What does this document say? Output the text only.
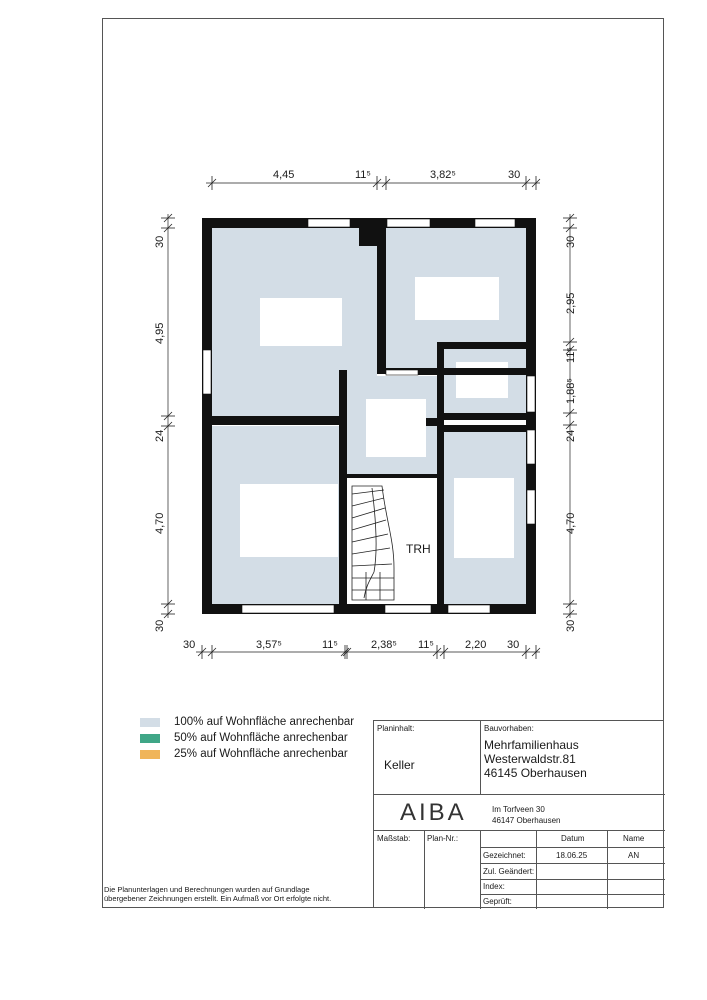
TRH
4,45	11⁵	3,82⁵	30
30	3,57⁵	11⁵	2,38⁵ 11⁵	2,20 30
30
4,95
24
4,70
30
30
2,95
11⁵
1,88⁵
24
4,70
30
100% auf Wohnfläche anrechenbar
50% auf Wohnfläche anrechenbar
25% auf Wohnfläche anrechenbar
Die Planunterlagen und Berechnungen wurden auf Grundlage
übergebener Zeichnungen erstellt. Ein Aufmaß vor Ort erfolgte nicht.
Planinhalt:
Keller
Bauvorhaben:
Mehrfamilienhaus
Westerwaldstr.81
46145 Oberhausen
AIBA	Im Torfveen 30
46147 Oberhausen
Maßstab: Plan-Nr.:	Datum	Name
Gezeichnet:	18.06.25	AN
Zul. Geändert:
Index:
Geprüft:
